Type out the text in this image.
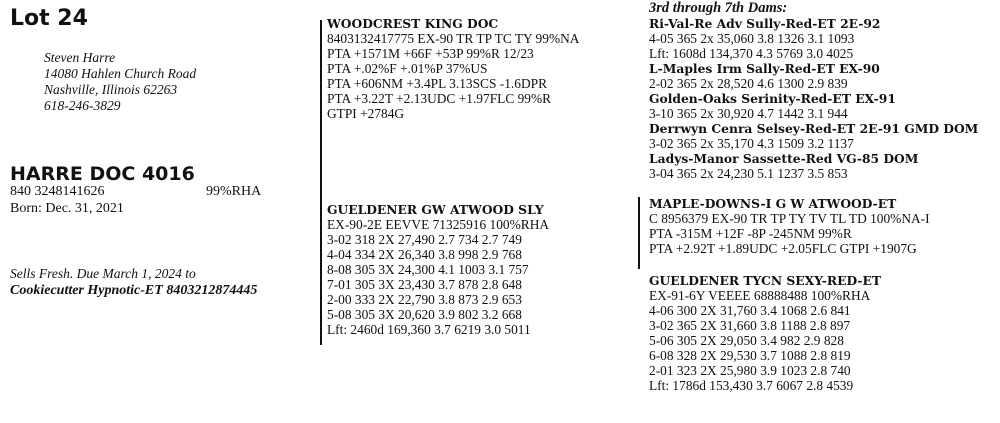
Lot 24
Steven Harre
14080 Hahlen Church Road
Nashville, Illinois 62263
618-246-3829
HARRE DOC 4016
840 3248141626	99%RHA
Born: Dec. 31, 2021
Sells Fresh. Due March 1, 2024 to
Cookiecutter Hypnotic-ET 8403212874445
WOODCREST KING DOC
8403132417775 EX-90 TR TP TC TY 99%NA
PTA +1571M +66F +53P 99%R 12/23
PTA +.02%F +.01%P 37%US
PTA +606NM +3.4PL 3.13SCS -1.6DPR
PTA +3.22T +2.13UDC +1.97FLC 99%R
GTPI +2784G
GUELDENER GW ATWOOD SLY
EX-90-2E EEVVE 71325916 100%RHA
3-02 318 2X 27,490 2.7 734 2.7 749
4-04 334 2X 26,340 3.8 998 2.9 768
8-08 305 3X 24,300 4.1 1003 3.1 757
7-01 305 3X 23,430 3.7 878 2.8 648
2-00 333 2X 22,790 3.8 873 2.9 653
5-08 305 3X 20,620 3.9 802 3.2 668
Lft: 2460d 169,360 3.7 6219 3.0 5011
3rd through 7th Dams:
Ri-Val-Re Adv Sully-Red-ET 2E-92
4-05 365 2x 35,060 3.8 1326 3.1 1093
Lft: 1608d 134,370 4.3 5769 3.0 4025
L-Maples Irm Sally-Red-ET EX-90
2-02 365 2x 28,520 4.6 1300 2.9 839
Golden-Oaks Serinity-Red-ET EX-91
3-10 365 2x 30,920 4.7 1442 3.1 944
Derrwyn Cenra Selsey-Red-ET 2E-91 GMD DOM
3-02 365 2x 35,170 4.3 1509 3.2 1137
Ladys-Manor Sassette-Red VG-85 DOM
3-04 365 2x 24,230 5.1 1237 3.5 853
MAPLE-DOWNS-I G W ATWOOD-ET
C 8956379 EX-90 TR TP TY TV TL TD 100%NA-I
PTA -315M +12F -8P -245NM 99%R
PTA +2.92T +1.89UDC +2.05FLC GTPI +1907G
GUELDENER TYCN SEXY-RED-ET
EX-91-6Y VEEEE 68888488 100%RHA
4-06 300 2X 31,760 3.4 1068 2.6 841
3-02 365 2X 31,660 3.8 1188 2.8 897
5-06 305 2X 29,050 3.4 982 2.9 828
6-08 328 2X 29,530 3.7 1088 2.8 819
2-01 323 2X 25,980 3.9 1023 2.8 740
Lft: 1786d 153,430 3.7 6067 2.8 4539
